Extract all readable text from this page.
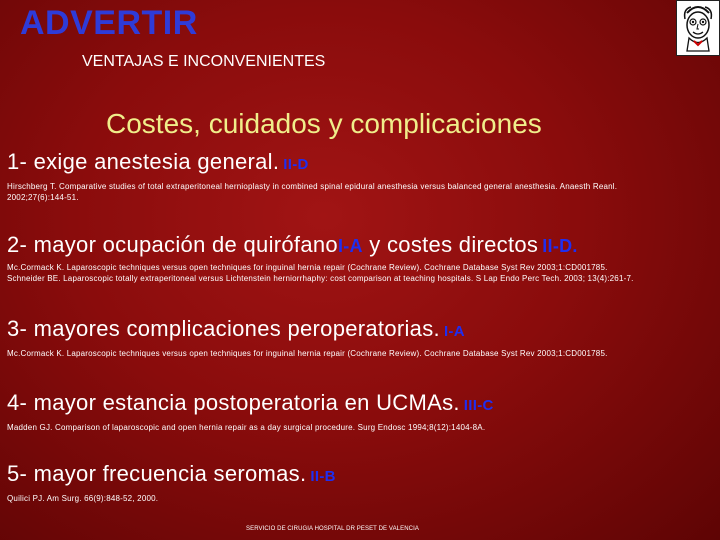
ADVERTIR
VENTAJAS E INCONVENIENTES
Costes, cuidados y complicaciones
1- exige anestesia general. II-D
Hirschberg T. Comparative studies of total extraperitoneal hernioplasty in combined spinal epidural anesthesia versus balanced general anesthesia. Anaesth Reanl.
2002;27(6):144-51.
2- mayor ocupación de quirófanoI-A y costes directos II-D.
Mc.Cormack K. Laparoscopic techniques versus open techniques for inguinal hernia repair (Cochrane Review). Cochrane Database Syst Rev 2003;1:CD001785.
Schneider BE. Laparoscopic totally extraperitoneal versus Lichtenstein herniorrhaphy: cost comparison at teaching hospitals. S Lap Endo Perc Tech. 2003; 13(4):261-7.
3- mayores complicaciones peroperatorias. I-A
Mc.Cormack K. Laparoscopic techniques versus open techniques for inguinal hernia repair (Cochrane Review). Cochrane Database Syst Rev 2003;1:CD001785.
4- mayor estancia postoperatoria en UCMAs. III-C
Madden GJ. Comparison of laparoscopic and open hernia repair as a day surgical procedure. Surg Endosc 1994;8(12):1404-8A.
5- mayor frecuencia seromas. II-B
Quilici PJ. Am Surg. 66(9):848-52, 2000.
SERVICIO DE CIRUGIA HOSPITAL DR PESET DE VALENCIA
